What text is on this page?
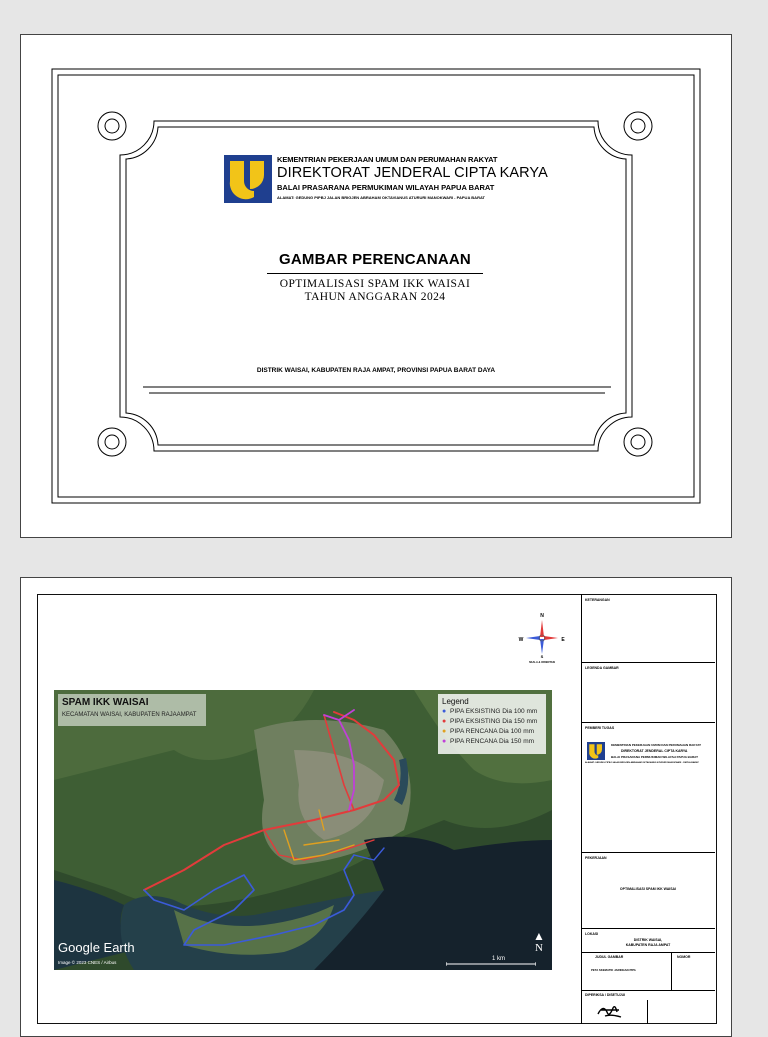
KEMENTRIAN PEKERJAAN UMUM DAN PERUMAHAN RAKYAT
DIREKTORAT JENDERAL CIPTA KARYA
BALAI PRASARANA PERMUKIMAN WILAYAH PAPUA BARAT
ALAMAT: GEDUNG PIPBJ JALAN BRIGJEN ABRAHAM OKTAVIANUS ATURURI MANOKWARI - PAPUA BARAT
GAMBAR PERENCANAAN
OPTIMALISASI SPAM IKK WAISAI
TAHUN ANGGARAN 2024
DISTRIK WAISAI, KABUPATEN RAJA AMPAT, PROVINSI PAPUA BARAT DAYA
N
W	E
S
SKALA & ORIENTASI
SPAM IKK WAISAI
KECAMATAN WAISAI, KABUPATEN RAJAAMPAT
Legend
● PIPA EKSISTING Dia 100 mm
● PIPA EKSISTING Dia 150 mm
● PIPA RENCANA Dia 100 mm
● PIPA RENCANA Dia 150 mm
Google Earth
Image © 2023 CNES / Airbus
1 km
▲
N
KETERANGAN
LEGENDA GAMBAR
PEMBERI TUGAS
KEMENTRIAN PEKERJAAN UMUM DAN PERUMAHAN RAKYAT
DIREKTORAT JENDERAL CIPTA KARYA
BALAI PRASARANA PERMUKIMAN WILAYAH PAPUA BARAT
ALAMAT: GEDUNG PIPBJ JALAN BRIGJEN ABRAHAM OKTAVIANUS ATURURI MANOKWARI - PAPUA BARAT
PEKERJAAN
OPTIMALISASI SPAM IKK WAISAI
LOKASI
DISTRIK WAISAI,
KABUPATEN RAJA AMPAT
JUDUL GAMBAR	NOMOR
PETA SKEMATIK JARINGAN PIPA
DIPERIKSA / DISETUJUI
